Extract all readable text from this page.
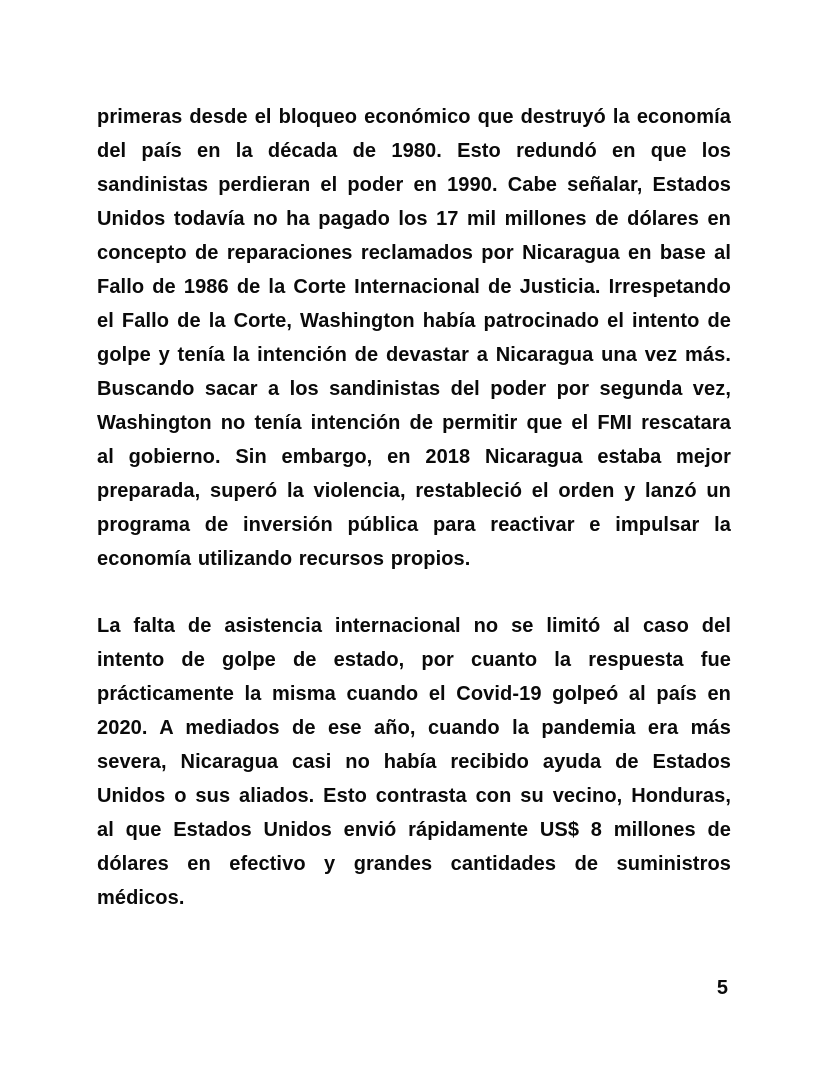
primeras desde el bloqueo económico que destruyó la economía del país en la década de 1980. Esto redundó en que los sandinistas perdieran el poder en 1990. Cabe señalar, Estados Unidos todavía no ha pagado los 17 mil millones de dólares en concepto de reparaciones reclamados por Nicaragua en base al Fallo de 1986 de la Corte Internacional de Justicia. Irrespetando el Fallo de la Corte, Washington había patrocinado el intento de golpe y tenía la intención de devastar a Nicaragua una vez más. Buscando sacar a los sandinistas del poder por segunda vez, Washington no tenía intención de permitir que el FMI rescatara al gobierno. Sin embargo, en 2018 Nicaragua estaba mejor preparada, superó la violencia, restableció el orden y lanzó un programa de inversión pública para reactivar e impulsar la economía utilizando recursos propios.

La falta de asistencia internacional no se limitó al caso del intento de golpe de estado, por cuanto la respuesta fue prácticamente la misma cuando el Covid-19 golpeó al país en 2020. A mediados de ese año, cuando la pandemia era más severa, Nicaragua casi no había recibido ayuda de Estados Unidos o sus aliados. Esto contrasta con su vecino, Honduras, al que Estados Unidos envió rápidamente US$ 8 millones de dólares en efectivo y grandes cantidades de suministros médicos.

5
